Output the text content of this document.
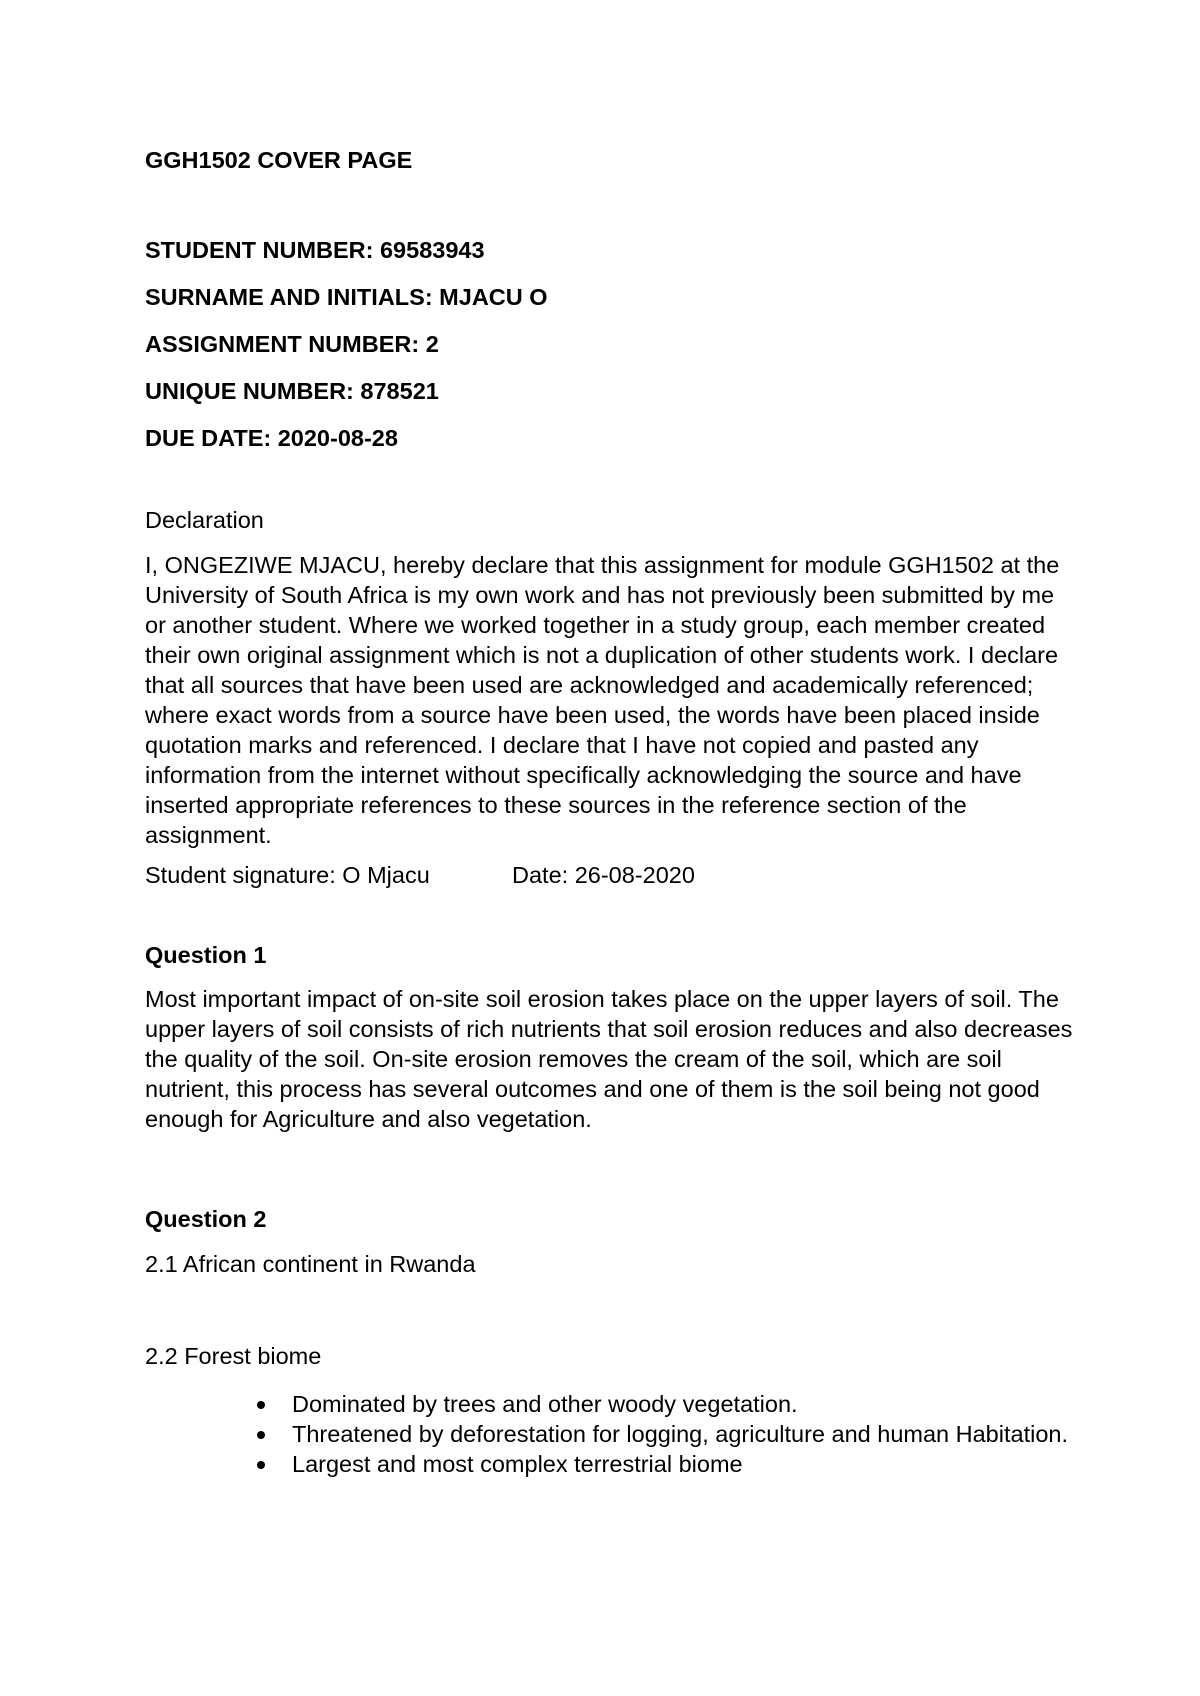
GGH1502 COVER PAGE

STUDENT NUMBER: 69583943

SURNAME AND INITIALS: MJACU O

ASSIGNMENT NUMBER: 2

UNIQUE NUMBER: 878521

DUE DATE: 2020-08-28

Declaration

I, ONGEZIWE MJACU, hereby declare that this assignment for module GGH1502 at the University of South Africa is my own work and has not previously been submitted by me or another student. Where we worked together in a study group, each member created their own original assignment which is not a duplication of other students work. I declare that all sources that have been used are acknowledged and academically referenced; where exact words from a source have been used, the words have been placed inside quotation marks and referenced. I declare that I have not copied and pasted any information from the internet without specifically acknowledging the source and have inserted appropriate references to these sources in the reference section of the assignment.

Student signature: O Mjacu	Date: 26-08-2020

Question 1

Most important impact of on-site soil erosion takes place on the upper layers of soil. The upper layers of soil consists of rich nutrients that soil erosion reduces and also decreases the quality of the soil. On-site erosion removes the cream of the soil, which are soil nutrient, this process has several outcomes and one of them is the soil being not good enough for Agriculture and also vegetation.

Question 2

2.1 African continent in Rwanda

2.2 Forest biome

Dominated by trees and other woody vegetation.
Threatened by deforestation for logging, agriculture and human Habitation.
Largest and most complex terrestrial biome
